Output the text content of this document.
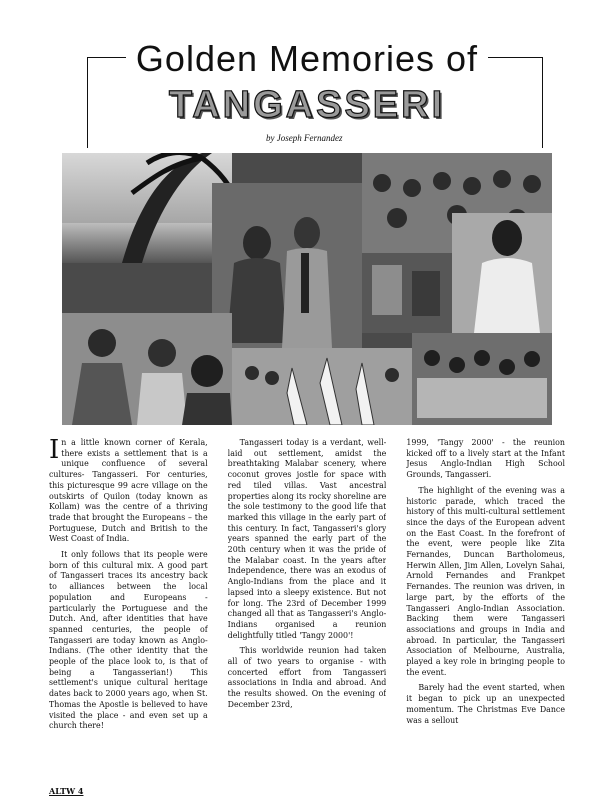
Golden Memories of
TANGASSERI
by Joseph Fernandez

In a little known corner of Kerala, there exists a settlement that is a unique confluence of several cultures- Tangasseri. For centuries, this picturesque 99 acre village on the outskirts of Quilon (today known as Kollam) was the centre of a thriving trade that brought the Europeans – the Portuguese, Dutch and British to the West Coast of India.

It only follows that its people were born of this cultural mix. A good part of Tangasseri traces its ancestry back to alliances between the local population and Europeans - particularly the Portuguese and the Dutch. And, after identities that have spanned centuries, the people of Tangasseri are today known as Anglo-Indians. (The other identity that the people of the place look to, is that of being a Tangasserian!) This settlement's unique cultural heritage dates back to 2000 years ago, when St. Thomas the Apostle is believed to have visited the place - and even set up a church there!

Tangasseri today is a verdant, well-laid out settlement, amidst the breathtaking Malabar scenery, where coconut groves jostle for space with red tiled villas. Vast ancestral properties along its rocky shoreline are the sole testimony to the good life that marked this village in the early part of this century. In fact, Tangasseri's glory years spanned the early part of the 20th century when it was the pride of the Malabar coast. In the years after Independence, there was an exodus of Anglo-Indians from the place and it lapsed into a sleepy existence. But not for long. The 23rd of December 1999 changed all that as Tangasseri's Anglo-Indians organised a reunion delightfully titled 'Tangy 2000'!

This worldwide reunion had taken all of two years to organise - with concerted effort from Tangasseri associations in India and abroad. And the results showed. On the evening of December 23rd,

1999, 'Tangy 2000' - the reunion kicked off to a lively start at the Infant Jesus Anglo-Indian High School Grounds, Tangasseri.

The highlight of the evening was a historic parade, which traced the history of this multi-cultural settlement since the days of the European advent on the East Coast. In the forefront of the event, were people like Zita Fernandes, Duncan Bartholomeus, Herwin Allen, Jim Allen, Lovelyn Sahai, Arnold Fernandes and Frankpet Fernandes. The reunion was driven, in large part, by the efforts of the Tangasseri Anglo-Indian Association. Backing them were Tangasseri associations and groups in India and abroad. In particular, the Tangasseri Association of Melbourne, Australia, played a key role in bringing people to the event.

Barely had the event started, when it began to pick up an unexpected momentum. The Christmas Eve Dance was a sellout

ALTW 4
